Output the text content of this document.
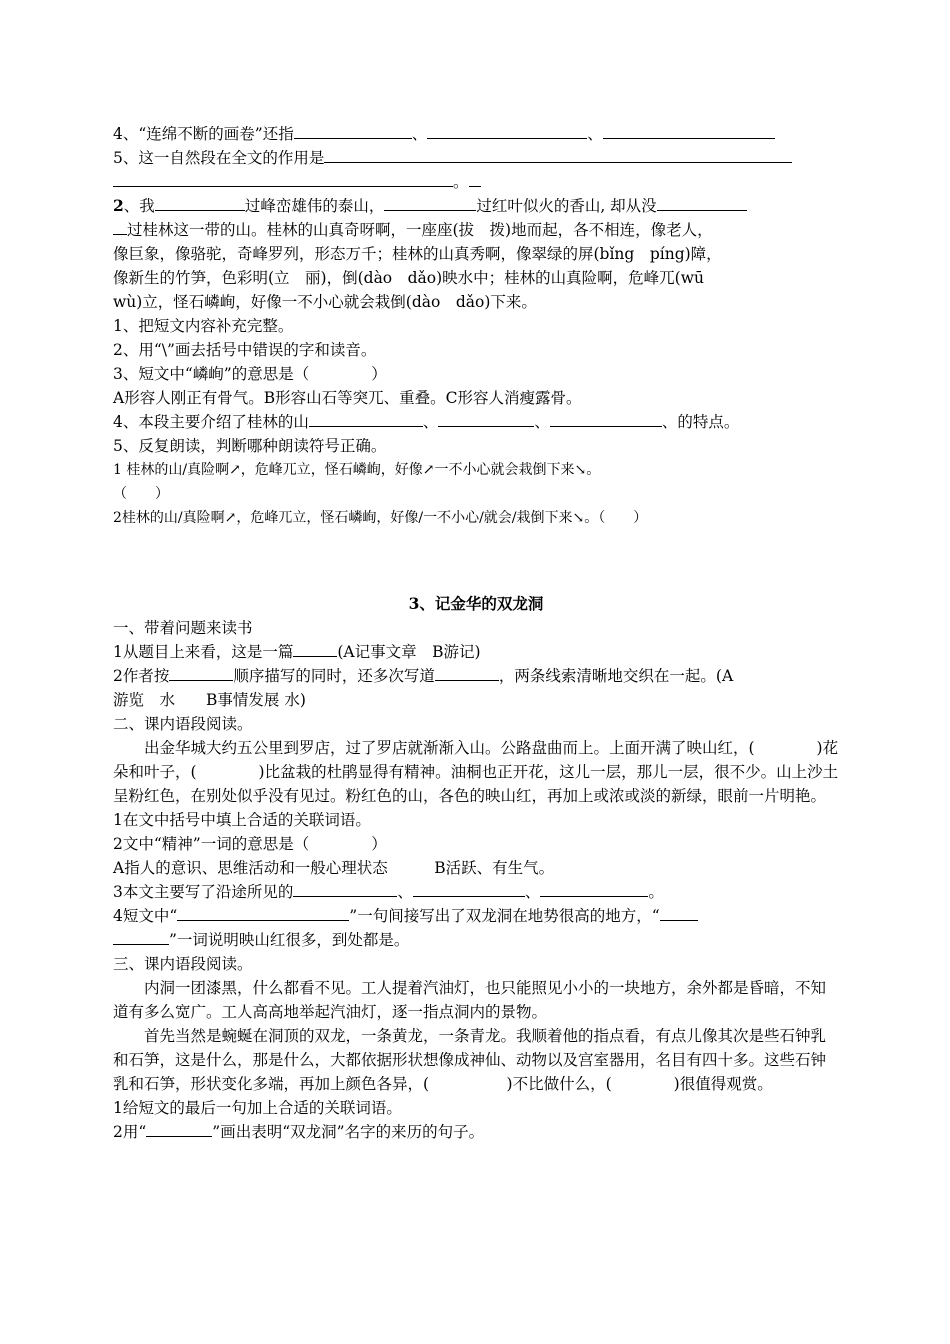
4、“连绵不断的画卷”还指	、	、

5、这一自然段在全文的作用是

。

2、我	过峰峦雄伟的泰山，	过红叶似火的香山, 却从没

过桂林这一带的山。桂林的山真奇呀啊，一座座(拔　拨)地而起，各不相连，像老人，

像巨象，像骆驼，奇峰罗列，形态万千；桂林的山真秀啊，像翠绿的屏(bǐng　píng)障，

像新生的竹笋，色彩明(立　丽)，倒(dào　dǎo)映水中；桂林的山真险啊，危峰兀(wū

wù)立，怪石嶙峋，好像一不小心就会栽倒(dào　dǎo)下来。

1、把短文内容补充完整。

2、用“\”画去括号中错误的字和读音。

3、短文中“嶙峋”的意思是（　　　　）

A形容人刚正有骨气。B形容山石等突兀、重叠。C形容人消瘦露骨。

4、本段主要介绍了桂林的山	、	、	、的特点。

5、反复朗读，判断哪种朗读符号正确。

1 桂林的山/真险啊↗，危峰兀立，怪石嶙峋，好像↗一不小心就会栽倒下来↘。

（　　）

2桂林的山/真险啊↗，危峰兀立，怪石嶙峋，好像/一不小心/就会/栽倒下来↘。（　　）

3、记金华的双龙洞

一、带着问题来读书

1从题目上来看，这是一篇	(A记事文章　B游记)

2作者按	顺序描写的同时，还多次写道	，两条线索清晰地交织在一起。(A

游览　水　　B事情发展 水)

二、课内语段阅读。

出金华城大约五公里到罗店，过了罗店就渐渐入山。公路盘曲而上。上面开满了映山红，(　　　　)花朵和叶子，(　　　　)比盆栽的杜鹃显得有精神。油桐也正开花，这儿一层，那儿一层，很不少。山上沙土呈粉红色，在别处似乎没有见过。粉红色的山，各色的映山红，再加上或浓或淡的新绿，眼前一片明艳。

1在文中括号中填上合适的关联词语。

2文中“精神”一词的意思是（　　　　）

A指人的意识、思维活动和一般心理状态　　　B活跃、有生气。

3本文主要写了沿途所见的	、	、	。

4短文中“	”一句间接写出了双龙洞在地势很高的地方，“

”一词说明映山红很多，到处都是。

三、课内语段阅读。

内洞一团漆黑，什么都看不见。工人提着汽油灯，也只能照见小小的一块地方，余外都是昏暗，不知道有多么宽广。工人高高地举起汽油灯，逐一指点洞内的景物。

首先当然是蜿蜒在洞顶的双龙，一条黄龙，一条青龙。我顺着他的指点看，有点儿像其次是些石钟乳和石笋，这是什么，那是什么，大都依据形状想像成神仙、动物以及宫室器用，名目有四十多。这些石钟乳和石笋，形状变化多端，再加上颜色各异，(　　　　　)不比做什么，(　　　　)很值得观赏。

1给短文的最后一句加上合适的关联词语。

2用“	”画出表明“双龙洞”名字的来历的句子。
